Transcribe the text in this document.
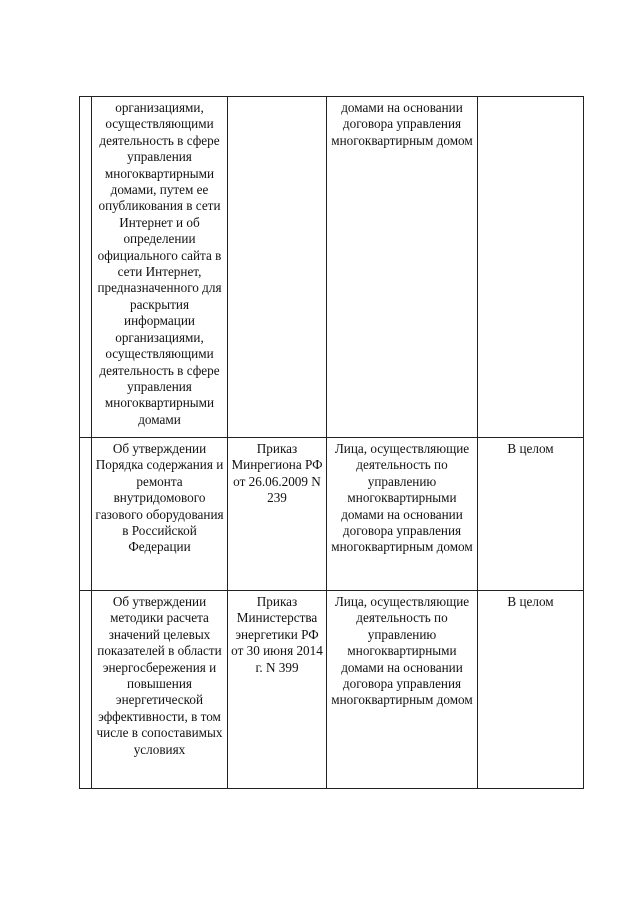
	организациями, осуществляющими деятельность в сфере управления многоквартирными домами, путем ее опубликования в сети Интернет и об определении официального сайта в сети Интернет, предназначенного для раскрытия информации организациями, осуществляющими деятельность в сфере управления многоквартирными домами		домами на основании договора управления многоквартирным домом	

	Об утверждении Порядка содержания и ремонта внутридомового газового оборудования в Российской Федерации	Приказ Минрегиона РФ от 26.06.2009 N 239	Лица, осуществляющие деятельность по управлению многоквартирными домами на основании договора управления многоквартирным домом	В целом

	Об утверждении методики расчета значений целевых показателей в области энергосбережения и повышения энергетической эффективности, в том числе в сопоставимых условиях	Приказ Министерства энергетики РФ от 30 июня 2014 г. N 399	Лица, осуществляющие деятельность по управлению многоквартирными домами на основании договора управления многоквартирным домом	В целом
